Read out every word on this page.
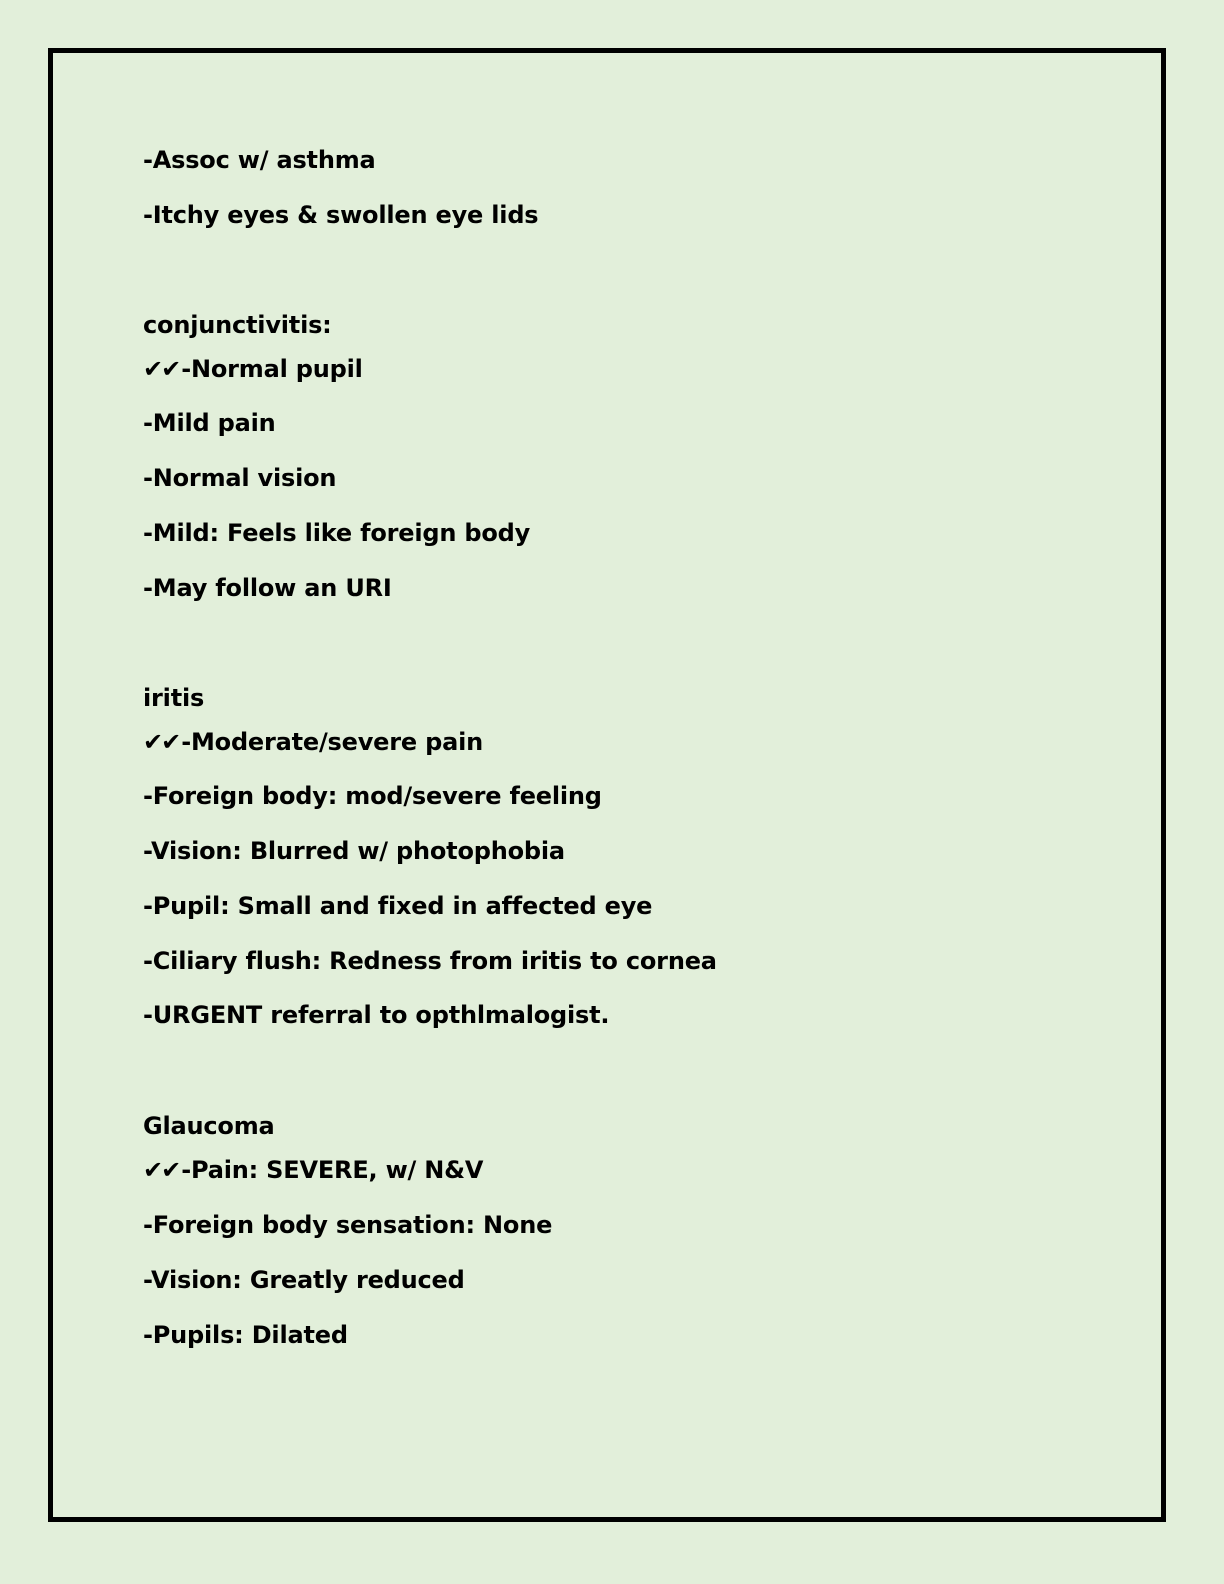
-Assoc w/ asthma
-Itchy eyes & swollen eye lids
conjunctivitis:
✔✔-Normal pupil
-Mild pain
-Normal vision
-Mild: Feels like foreign body
-May follow an URI
iritis
✔✔-Moderate/severe pain
-Foreign body: mod/severe feeling
-Vision: Blurred w/ photophobia
-Pupil: Small and fixed in affected eye
-Ciliary flush: Redness from iritis to cornea
-URGENT referral to opthlmalogist.
Glaucoma
✔✔-Pain: SEVERE, w/ N&V
-Foreign body sensation: None
-Vision: Greatly reduced
-Pupils: Dilated
